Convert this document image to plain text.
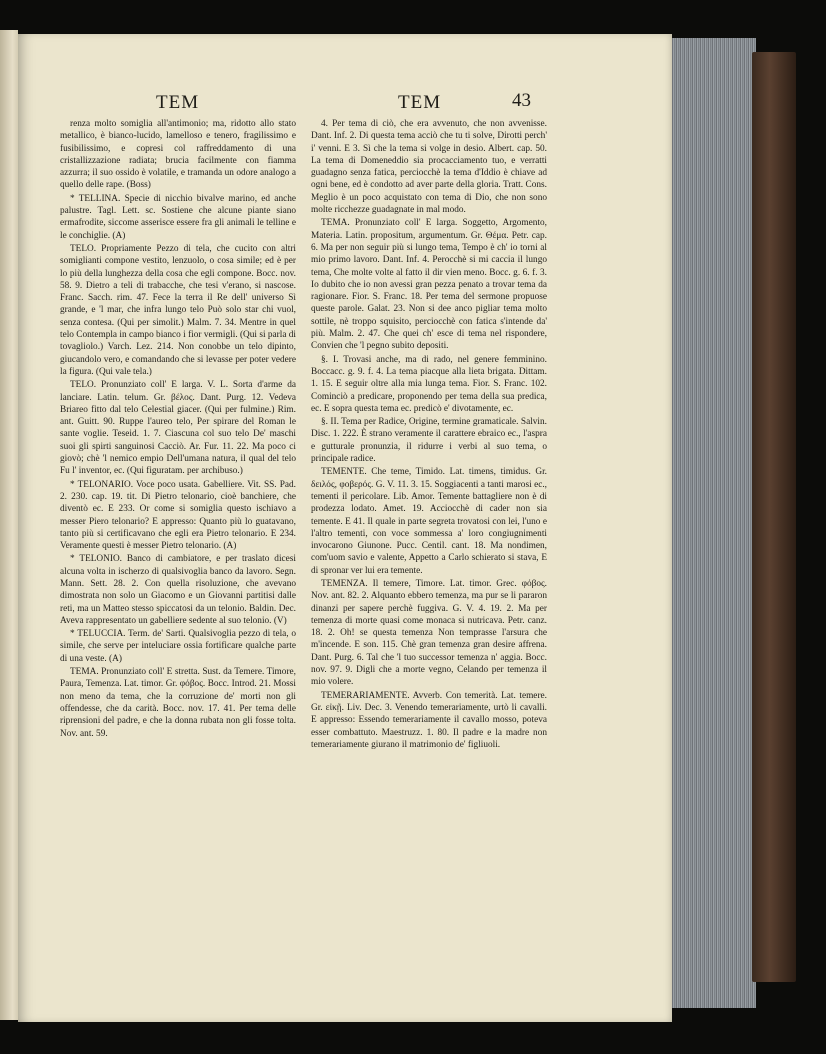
TEM	TEM	43

renza molto somiglia all'antimonio; ma, ridotto allo stato metallico, è bianco-lucido, lamelloso e tenero, fragilissimo e fusibilissimo, e copresi col raffreddamento di una cristallizzazione radiata; brucia facilmente con fiamma azzurra; il suo ossido è volatile, e tramanda un odore analogo a quello delle rape. (Boss)

* TELLINA. Specie di nicchio bivalve marino, ed anche palustre. Tagl. Lett. sc. Sostiene che alcune piante siano ermafrodite, siccome asserisce essere fra gli animali le telline e le conchiglie. (A)

TELO. Propriamente Pezzo di tela, che cucito con altri somiglianti compone vestito, lenzuolo, o cosa simile; ed è per lo più della lunghezza della cosa che egli compone. Bocc. nov. 58. 9. Dietro a teli di trabacche, che tesi v'erano, si nascose. Franc. Sacch. rim. 47. Fece la terra il Re dell' universo Sì grande, e 'l mar, che infra lungo telo Può solo star chi vuol, senza contesa. (Qui per simolit.) Malm. 7. 34. Mentre in quel telo Contempla in campo bianco i fior vermigli. (Qui si parla di tovagliolo.) Varch. Lez. 214. Non conobbe un telo dipinto, giucandolo vero, e comandando che si levasse per poter vedere la figura. (Qui vale tela.)

TELO. Pronunziato coll' E larga. V. L. Sorta d'arme da lanciare. Latin. telum. Gr. βέλος. Dant. Purg. 12. Vedeva Briareo fitto dal telo Celestial giacer. (Qui per fulmine.) Rim. ant. Guitt. 90. Ruppe l'aureo telo, Per spirare del Roman le sante voglie. Teseid. 1. 7. Ciascuna col suo telo De' maschi suoi gli spirti sanguinosi Cacciò. Ar. Fur. 11. 22. Ma poco ci giovò; chè 'l nemico empio Dell'umana natura, il qual del telo Fu l' inventor, ec. (Qui figuratam. per archibuso.)

* TELONARIO. Voce poco usata. Gabelliere. Vit. SS. Pad. 2. 230. cap. 19. tit. Di Pietro telonario, cioè banchiere, che diventò ec. E 233. Or come si somiglia questo ischiavo a messer Piero telonario? E appresso: Quanto più lo guatavano, tanto più si certificavano che egli era Pietro telonario. E 234. Veramente questi è messer Pietro telonario. (A)

* TELONIO. Banco di cambiatore, e per traslato dicesi alcuna volta in ischerzo di qualsivoglia banco da lavoro. Segn. Mann. Sett. 28. 2. Con quella risoluzione, che avevano dimostrata non solo un Giacomo e un Giovanni partitisi dalle reti, ma un Matteo stesso spiccatosi da un telonio. Baldin. Dec. Aveva rappresentato un gabelliere sedente al suo telonio. (V)

* TELUCCIA. Term. de' Sarti. Qualsivoglia pezzo di tela, o simile, che serve per inteluciare ossia fortificare qualche parte di una veste. (A)

TEMA. Pronunziato coll' E stretta. Sust. da Temere. Timore, Paura, Temenza. Lat. timor. Gr. φόβος. Bocc. Introd. 21. Mossi non meno da tema, che la corruzione de' morti non gli offendesse, che da carità. Bocc. nov. 17. 41. Per tema delle riprensioni del padre, e che la donna rubata non gli fosse tolta. Nov. ant. 59.

4. Per tema di ciò, che era avvenuto, che non avvenisse. Dant. Inf. 2. Di questa tema acciò che tu ti solve, Dirotti perch' i' venni. E 3. Sì che la tema si volge in desio. Albert. cap. 50. La tema di Domeneddio sia procacciamento tuo, e verratti guadagno senza fatica, perciocchè la tema d'Iddio è chiave ad ogni bene, ed è condotto ad aver parte della gloria. Tratt. Cons. Meglio è un poco acquistato con tema di Dio, che non sono molte ricchezze guadagnate in mal modo.

TEMA. Pronunziato coll' E larga. Soggetto, Argomento, Materia. Latin. propositum, argumentum. Gr. Θέμα. Petr. cap. 6. Ma per non seguir più si lungo tema, Tempo è ch' io torni al mio primo lavoro. Dant. Inf. 4. Perocchè si mi caccia il lungo tema, Che molte volte al fatto il dir vien meno. Bocc. g. 6. f. 3. Io dubito che io non avessi gran pezza penato a trovar tema da ragionare. Fior. S. Franc. 18. Per tema del sermone propuose queste parole. Galat. 23. Non si dee anco pigliar tema molto sottile, nè troppo squisito, perciocchè con fatica s'intende da' più. Malm. 2. 47. Che quei ch' esce di tema nel rispondere, Convien che 'l pegno subito depositi.

§. I. Trovasi anche, ma di rado, nel genere femminino. Boccacc. g. 9. f. 4. La tema piacque alla lieta brigata. Dittam. 1. 15. E seguir oltre alla mia lunga tema. Fior. S. Franc. 102. Cominciò a predicare, proponendo per tema della sua predica, ec. E sopra questa tema ec. predicò e' divotamente, ec.

§. II. Tema per Radice, Origine, termine gramaticale. Salvin. Disc. 1. 222. È strano veramente il carattere ebraico ec., l'aspra e gutturale pronunzia, il ridurre i verbi al suo tema, o principale radice.

TEMENTE. Che teme, Timido. Lat. timens, timidus. Gr. δειλός, φοβερός. G. V. 11. 3. 15. Soggiacenti a tanti marosi ec., tementi il pericolare. Lib. Amor. Temente battagliere non è di prodezza lodato. Amet. 19. Acciocchè di cader non sia temente. E 41. Il quale in parte segreta trovatosi con lei, l'uno e l'altro tementi, con voce sommessa a' loro congiugnimenti invocarono Giunone. Pucc. Centil. cant. 18. Ma nondimen, com'uom savio e valente, Appetto a Carlo schierato si stava, E di spronar ver lui era temente.

TEMENZA. Il temere, Timore. Lat. timor. Grec. φόβος. Nov. ant. 82. 2. Alquanto ebbero temenza, ma pur se li pararon dinanzi per sapere perchè fuggiva. G. V. 4. 19. 2. Ma per temenza di morte quasi come monaca si nutricava. Petr. canz. 18. 2. Oh! se questa temenza Non temprasse l'arsura che m'incende. E son. 115. Chè gran temenza gran desire affrena. Dant. Purg. 6. Tal che 'l tuo successor temenza n' aggia. Bocc. nov. 97. 9. Digli che a morte vegno, Celando per temenza il mio volere.

TEMERARIAMENTE. Avverb. Con temerità. Lat. temere. Gr. εἰκῇ. Liv. Dec. 3. Venendo temerariamente, urtò li cavalli. E appresso: Essendo temerariamente il cavallo mosso, poteva esser combattuto. Maestruzz. 1. 80. Il padre e la madre non temerariamente giurano il matrimonio de' figliuoli.
